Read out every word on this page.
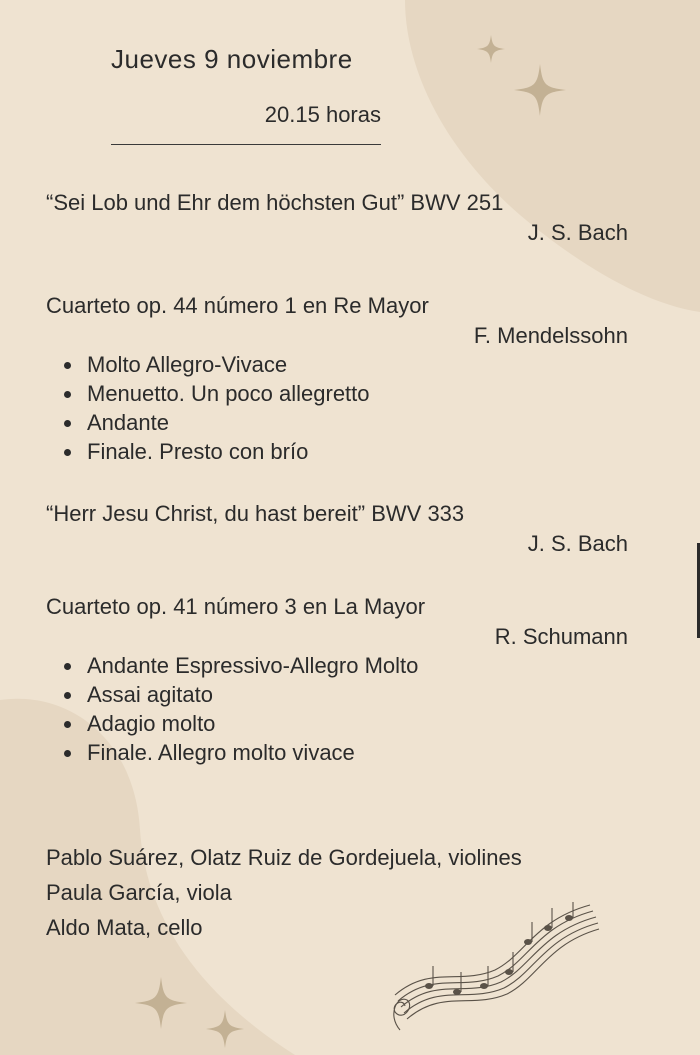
Jueves 9 noviembre
20.15 horas
“Sei Lob und Ehr dem höchsten Gut” BWV 251
J. S. Bach
Cuarteto op. 44 número 1 en Re Mayor
F. Mendelssohn
Molto Allegro-Vivace
Menuetto. Un poco allegretto
Andante
Finale. Presto con brío
“Herr Jesu Christ, du hast bereit” BWV 333
J. S. Bach
Cuarteto op. 41 número 3 en La Mayor
R. Schumann
Andante Espressivo-Allegro Molto
Assai agitato
Adagio molto
Finale. Allegro molto vivace
Pablo Suárez, Olatz Ruiz de Gordejuela, violines
Paula García, viola
Aldo Mata, cello
